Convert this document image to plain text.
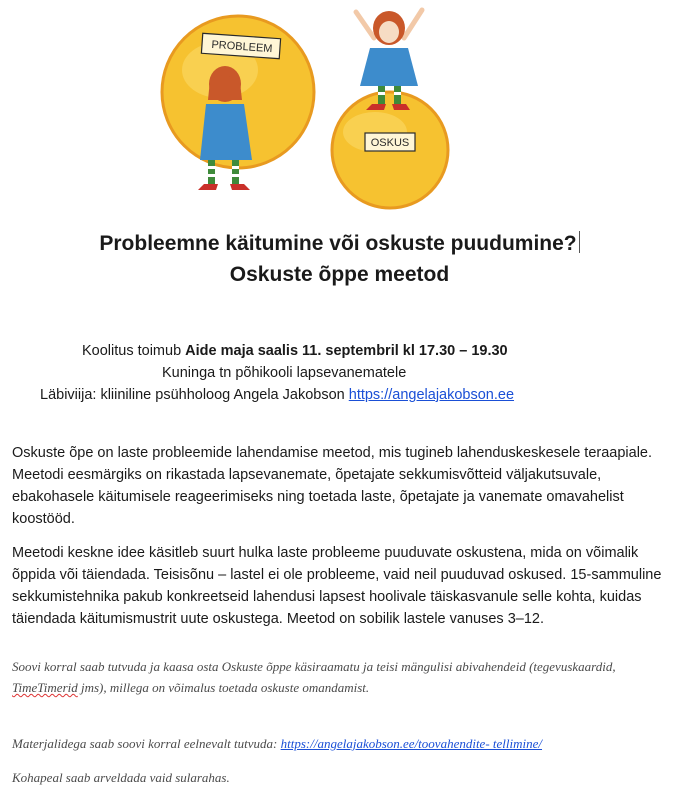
PROBLEEM
OSKUS
Probleemne käitumine või oskuste puudumine?
Oskuste õppe meetod
Koolitus toimub Aide maja saalis 11. septembril kl 17.30 – 19.30
Kuninga tn põhikooli lapsevanematele
Läbiviija: kliiniline psühholoog Angela Jakobson https://angelajakobson.ee
Oskuste õpe on laste probleemide lahendamise meetod, mis tugineb lahenduskeskesele teraapiale. Meetodi eesmärgiks on rikastada lapsevanemate, õpetajate sekkumisvõtteid väljakutsuvale, ebakohasele käitumisele reageerimiseks ning toetada laste, õpetajate ja vanemate omavahelist koostööd.
Meetodi keskne idee käsitleb suurt hulka laste probleeme puuduvate oskustena, mida on võimalik õppida või täiendada. Teisisõnu – lastel ei ole probleeme, vaid neil puuduvad oskused. 15-sammuline sekkumistehnika pakub konkreetseid lahendusi lapsest hoolivale täiskasvanule selle kohta, kuidas täiendada käitumismustrit uute oskustega. Meetod on sobilik lastele vanuses 3–12.
Soovi korral saab tutvuda ja kaasa osta Oskuste õppe käsiraamatu ja teisi mängulisi abivahendeid (tegevuskaardid, TimeTimerid jms), millega on võimalus toetada oskuste omandamist.
Materjalidega saab soovi korral eelnevalt tutvuda: https://angelajakobson.ee/toovahendite- tellimine/
Kohapeal saab arveldada vaid sularahas.
